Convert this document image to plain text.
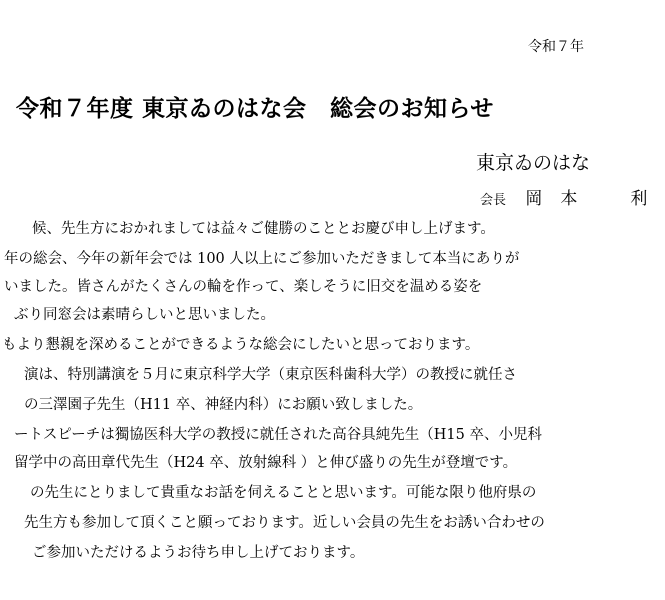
令和７年
令和７年度 東京ゐのはな会　総会のお知らせ
東京ゐのはな
会長 岡本　利
候、先生方におかれましては益々ご健勝のこととお慶び申し上げます。
年の総会、今年の新年会では 100 人以上にご参加いただきまして本当にありが
いました。皆さんがたくさんの輪を作って、楽しそうに旧交を温める姿を
ぶり同窓会は素晴らしいと思いました。
もより懇親を深めることができるような総会にしたいと思っております。
演は、特別講演を５月に東京科学大学（東京医科歯科大学）の教授に就任さ
の三澤園子先生（H11 卒、神経内科）にお願い致しました。
ートスピーチは獨協医科大学の教授に就任された高谷具純先生（H15 卒、小児科
留学中の高田章代先生（H24 卒、放射線科 ）と伸び盛りの先生が登壇です。
の先生にとりまして貴重なお話を伺えることと思います。可能な限り他府県の
先生方も参加して頂くこと願っております。近しい会員の先生をお誘い合わせの
ご参加いただけるようお待ち申し上げております。
